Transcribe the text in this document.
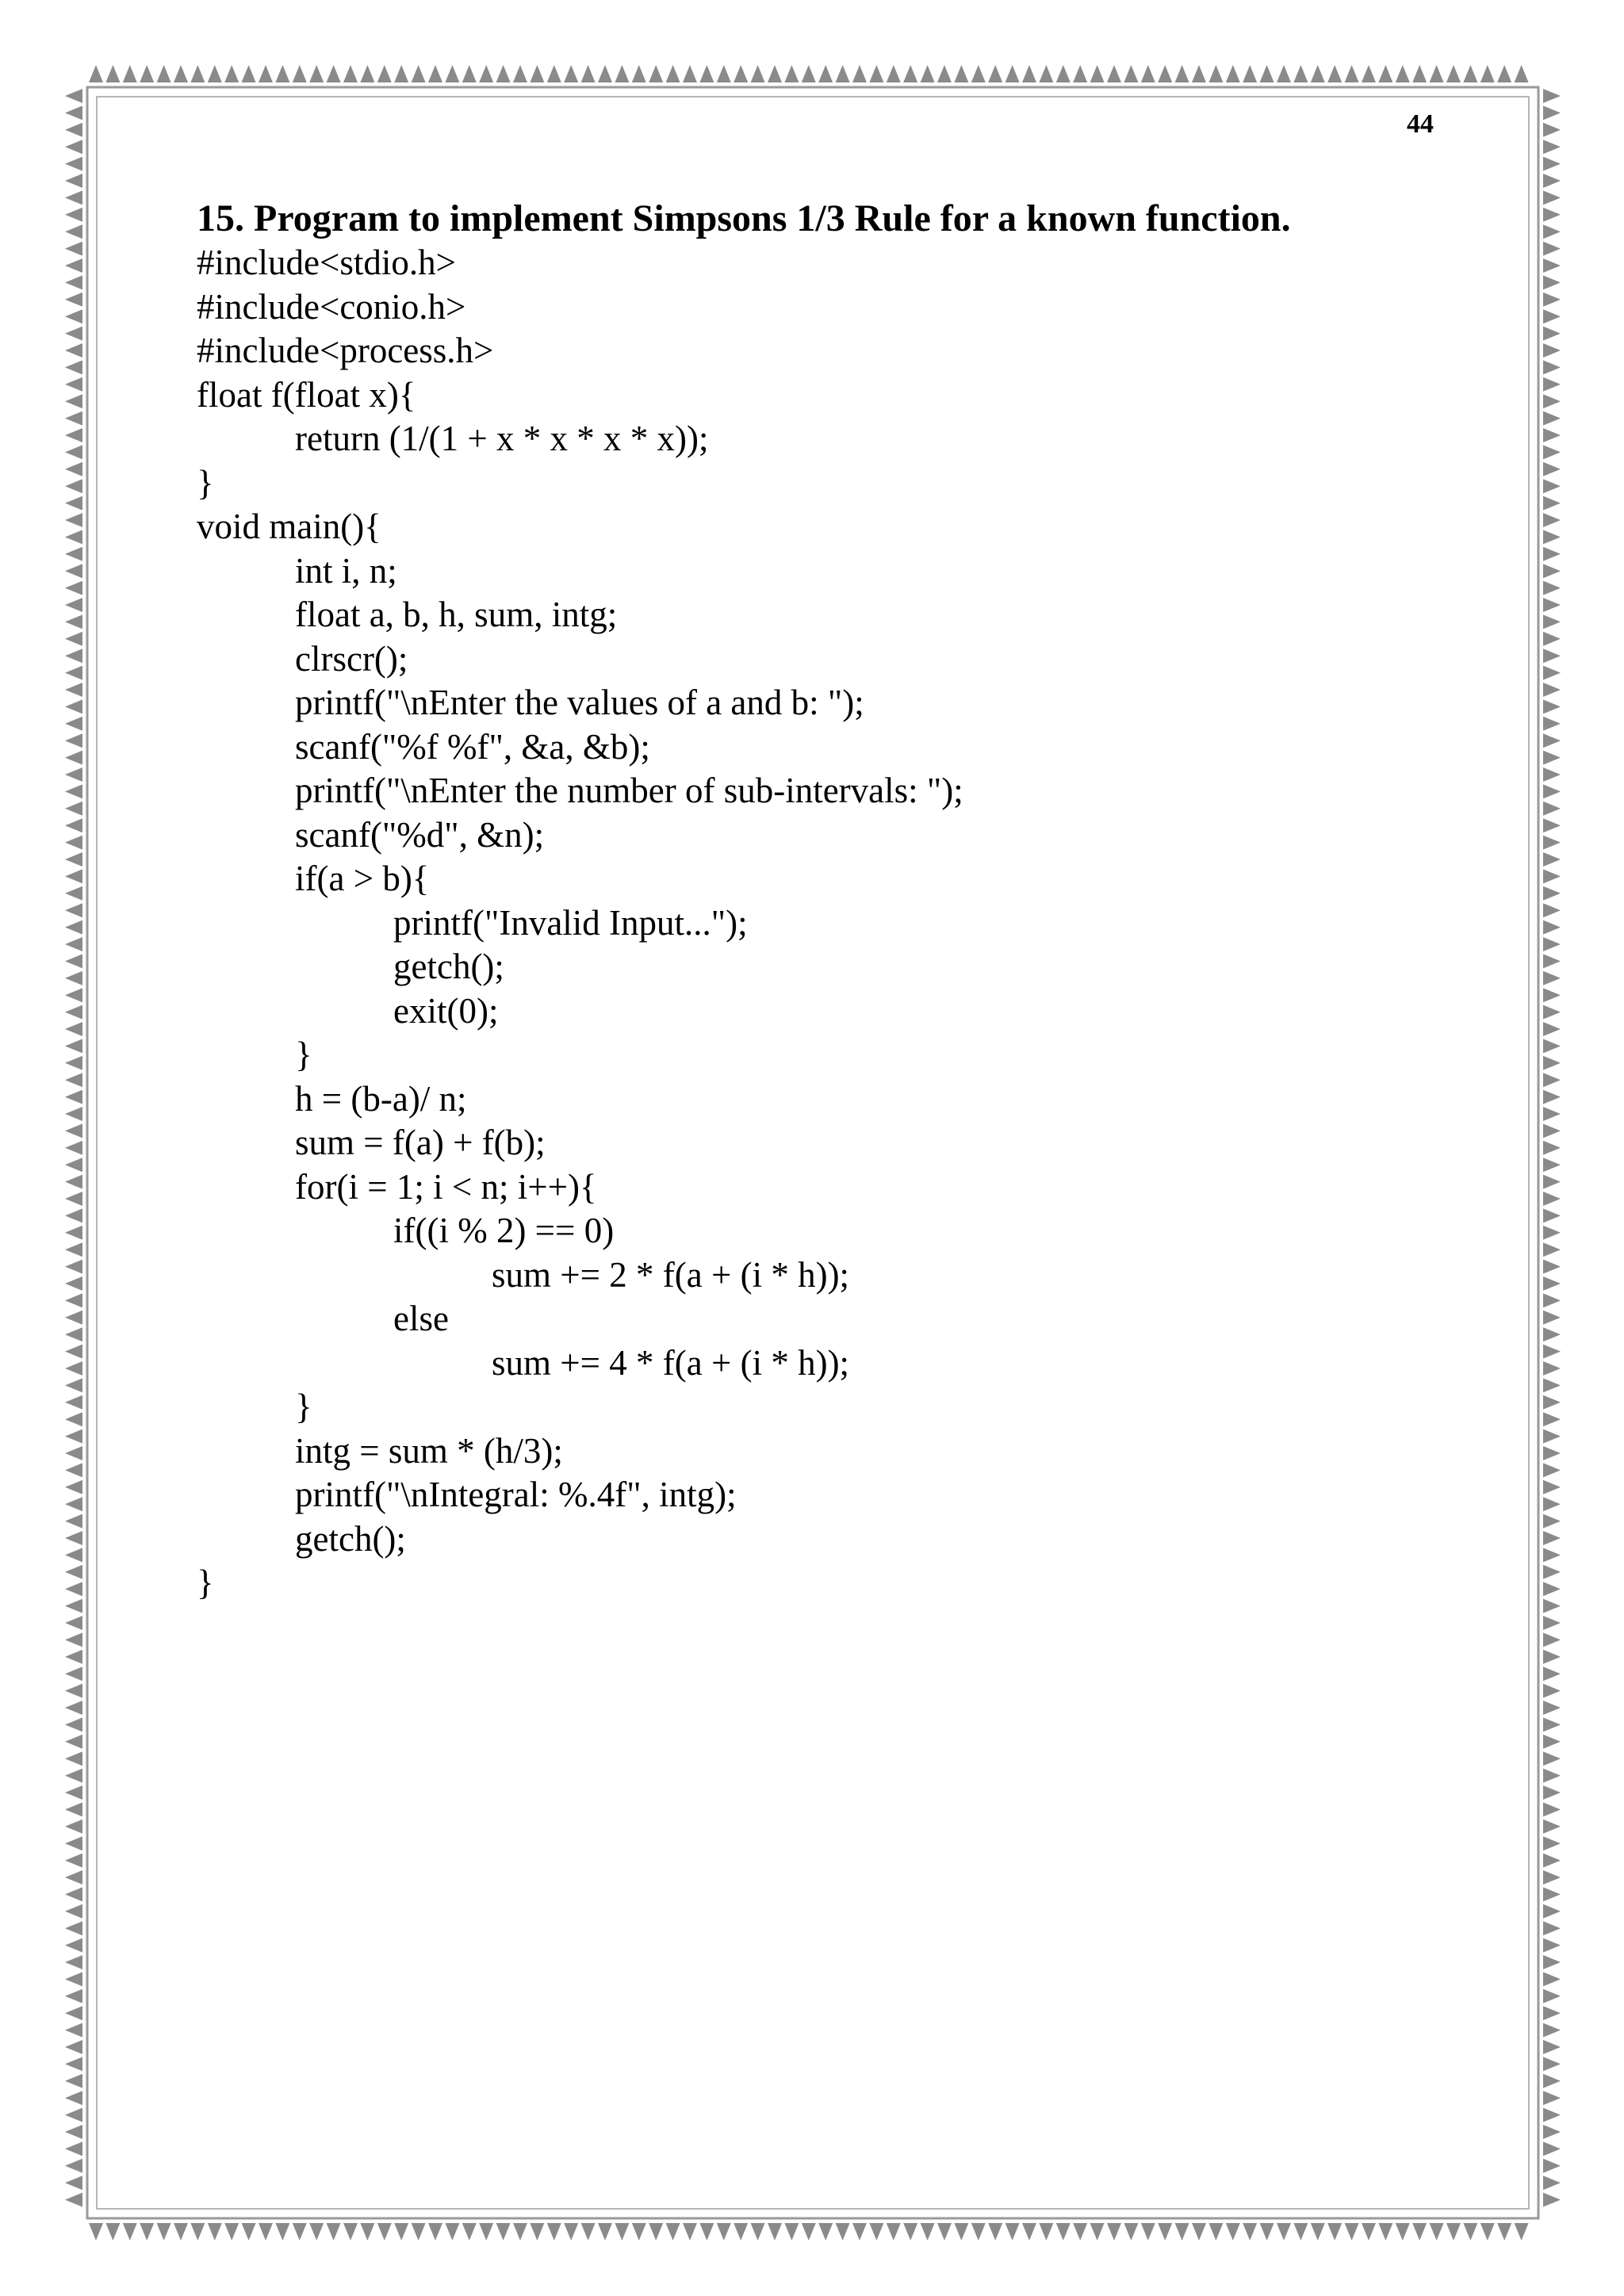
44
15. Program to implement Simpsons 1/3 Rule for a known function.
#include<stdio.h>
#include<conio.h>
#include<process.h>
float f(float x){
return (1/(1 + x * x * x * x));
}
void main(){
int i, n;
float a, b, h, sum, intg;
clrscr();
printf("\nEnter the values of a and b: ");
scanf("%f %f", &a, &b);
printf("\nEnter the number of sub-intervals: ");
scanf("%d", &n);
if(a > b){
printf("Invalid Input...");
getch();
exit(0);
}
h = (b-a)/ n;
sum = f(a) + f(b);
for(i = 1; i < n; i++){
if((i % 2) == 0)
sum += 2 * f(a + (i * h));
else
sum += 4 * f(a + (i * h));
}
intg = sum * (h/3);
printf("\nIntegral: %.4f", intg);
getch();
}
